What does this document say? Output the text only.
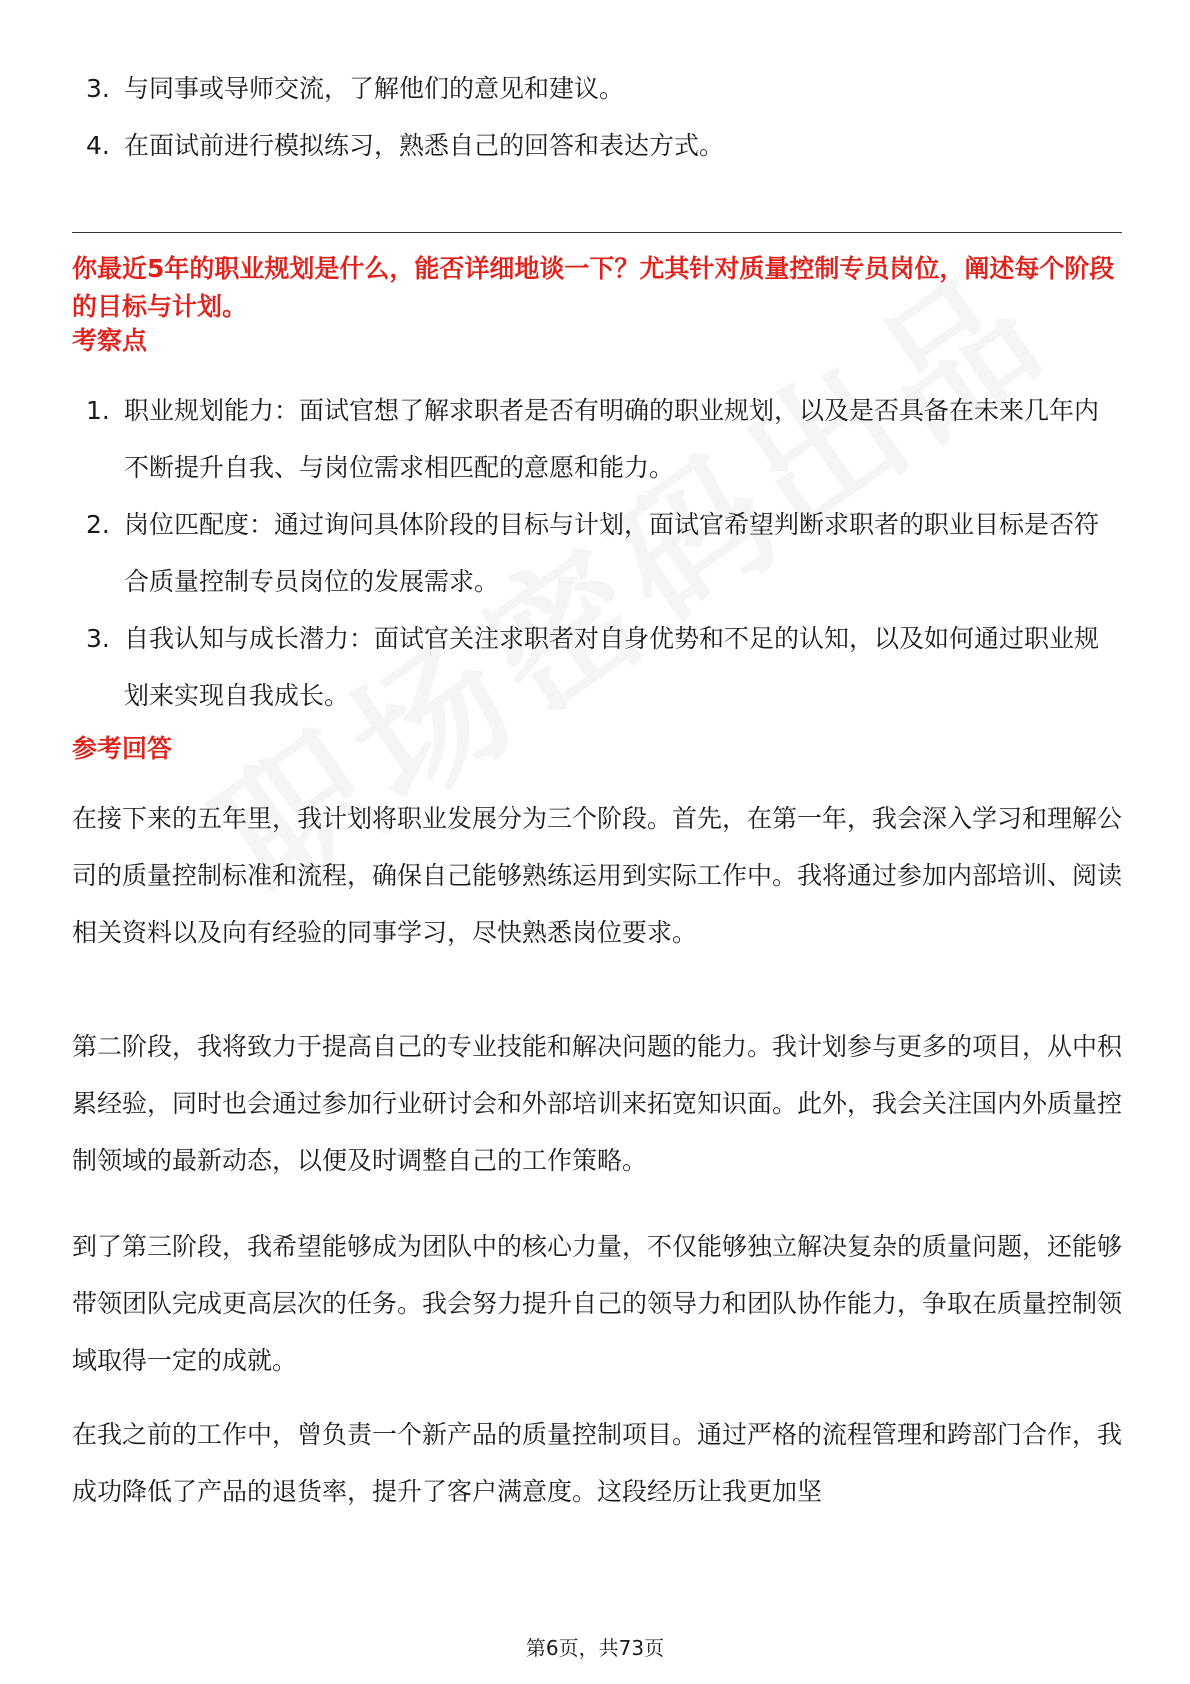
3. 与同事或导师交流，了解他们的意见和建议。
4. 在面试前进行模拟练习，熟悉自己的回答和表达方式。
你最近5年的职业规划是什么，能否详细地谈一下？尤其针对质量控制专员岗位，阐述每个阶段的目标与计划。
考察点
1. 职业规划能力：面试官想了解求职者是否有明确的职业规划，以及是否具备在未来几年内不断提升自我、与岗位需求相匹配的意愿和能力。
2. 岗位匹配度：通过询问具体阶段的目标与计划，面试官希望判断求职者的职业目标是否符合质量控制专员岗位的发展需求。
3. 自我认知与成长潜力：面试官关注求职者对自身优势和不足的认知，以及如何通过职业规划来实现自我成长。
参考回答
在接下来的五年里，我计划将职业发展分为三个阶段。首先，在第一年，我会深入学习和理解公司的质量控制标准和流程，确保自己能够熟练运用到实际工作中。我将通过参加内部培训、阅读相关资料以及向有经验的同事学习，尽快熟悉岗位要求。
第二阶段，我将致力于提高自己的专业技能和解决问题的能力。我计划参与更多的项目，从中积累经验，同时也会通过参加行业研讨会和外部培训来拓宽知识面。此外，我会关注国内外质量控制领域的最新动态，以便及时调整自己的工作策略。
到了第三阶段，我希望能够成为团队中的核心力量，不仅能够独立解决复杂的质量问题，还能够带领团队完成更高层次的任务。我会努力提升自己的领导力和团队协作能力，争取在质量控制领域取得一定的成就。
在我之前的工作中，曾负责一个新产品的质量控制项目。通过严格的流程管理和跨部门合作，我成功降低了产品的退货率，提升了客户满意度。这段经历让我更加坚
第6页，共73页
